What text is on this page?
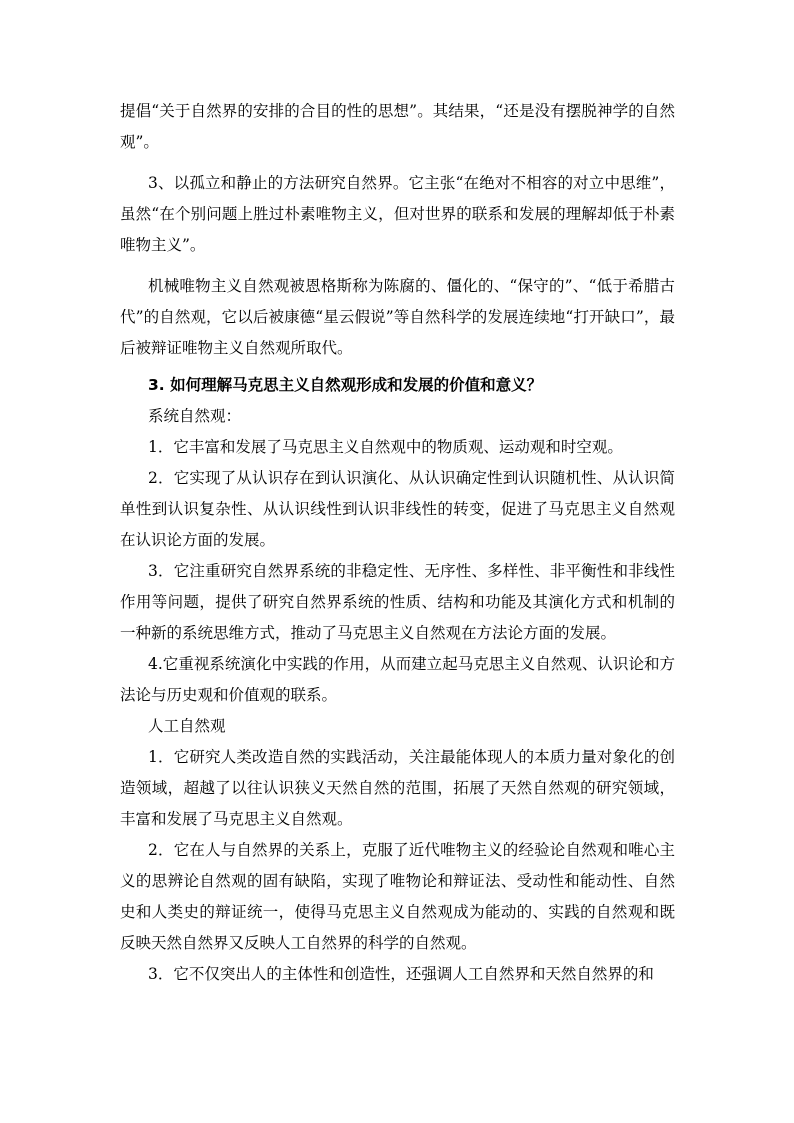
提倡“关于自然界的安排的合目的性的思想”。其结果，“还是没有摆脱神学的自然观”。

3、以孤立和静止的方法研究自然界。它主张“在绝对不相容的对立中思维”，虽然“在个别问题上胜过朴素唯物主义，但对世界的联系和发展的理解却低于朴素唯物主义”。

机械唯物主义自然观被恩格斯称为陈腐的、僵化的、“保守的”、“低于希腊古代”的自然观，它以后被康德“星云假说”等自然科学的发展连续地“打开缺口”，最后被辩证唯物主义自然观所取代。

3. 如何理解马克思主义自然观形成和发展的价值和意义？

系统自然观：

1．它丰富和发展了马克思主义自然观中的物质观、运动观和时空观。

2．它实现了从认识存在到认识演化、从认识确定性到认识随机性、从认识简单性到认识复杂性、从认识线性到认识非线性的转变，促进了马克思主义自然观在认识论方面的发展。

3．它注重研究自然界系统的非稳定性、无序性、多样性、非平衡性和非线性作用等问题，提供了研究自然界系统的性质、结构和功能及其演化方式和机制的一种新的系统思维方式，推动了马克思主义自然观在方法论方面的发展。

4.它重视系统演化中实践的作用，从而建立起马克思主义自然观、认识论和方法论与历史观和价值观的联系。

人工自然观

1．它研究人类改造自然的实践活动，关注最能体现人的本质力量对象化的创造领域，超越了以往认识狭义天然自然的范围，拓展了天然自然观的研究领域，丰富和发展了马克思主义自然观。

2．它在人与自然界的关系上，克服了近代唯物主义的经验论自然观和唯心主义的思辨论自然观的固有缺陷，实现了唯物论和辩证法、受动性和能动性、自然史和人类史的辩证统一，使得马克思主义自然观成为能动的、实践的自然观和既反映天然自然界又反映人工自然界的科学的自然观。

3．它不仅突出人的主体性和创造性，还强调人工自然界和天然自然界的和
